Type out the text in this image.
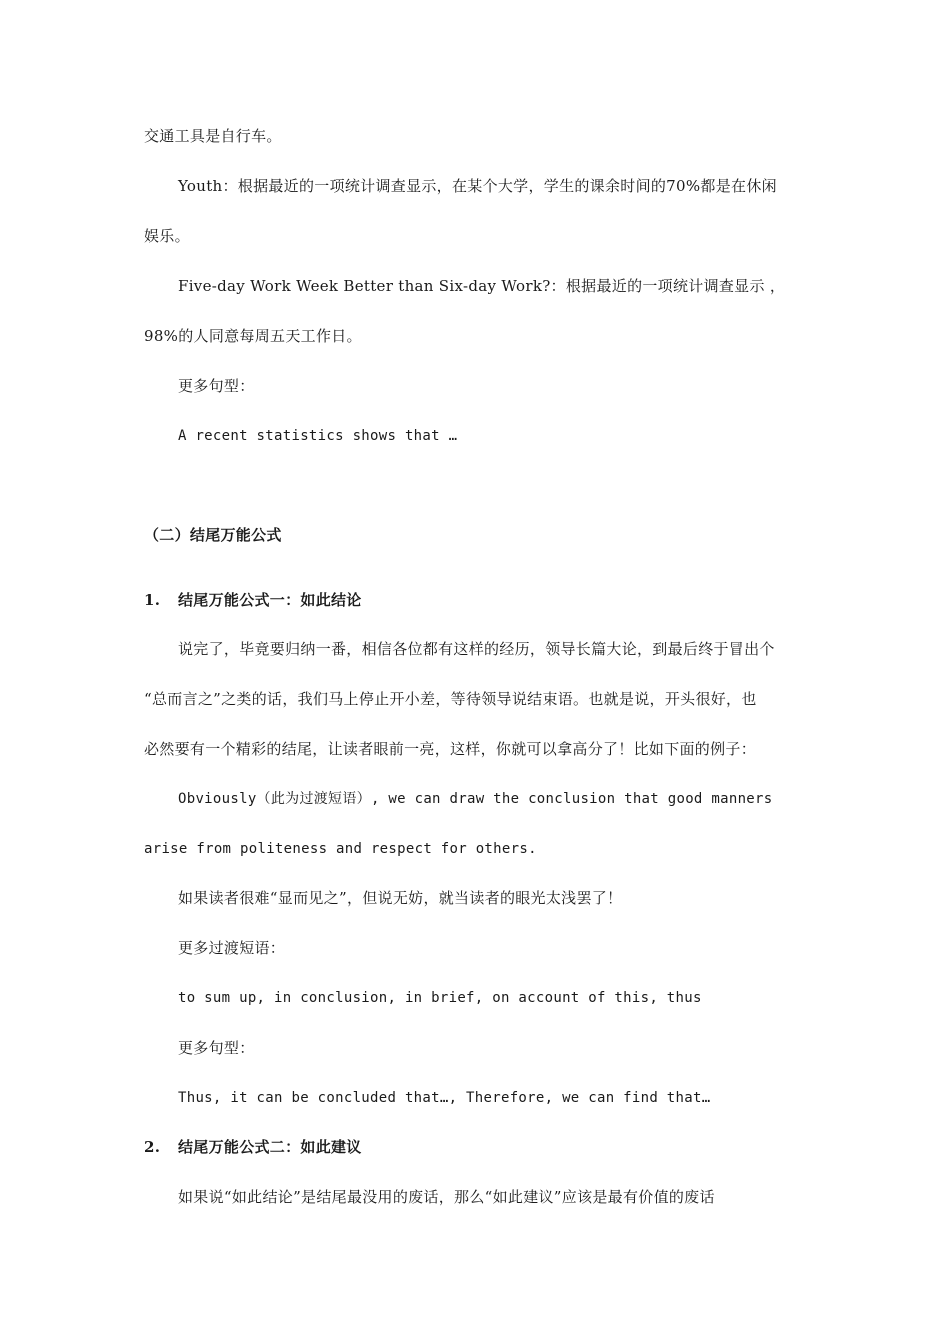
交通工具是自行车。
Youth：根据最近的一项统计调查显示，在某个大学，学生的课余时间的70%都是在休闲
娱乐。
Five-day Work Week Better than Six-day Work?：根据最近的一项统计调查显示 ，
98%的人同意每周五天工作日。
更多句型：
A recent statistics shows that …
（二）结尾万能公式
1. 结尾万能公式一：如此结论
说完了，毕竟要归纳一番，相信各位都有这样的经历，领导长篇大论，到最后终于冒出个
“总而言之”之类的话，我们马上停止开小差，等待领导说结束语。也就是说，开头很好，也
必然要有一个精彩的结尾，让读者眼前一亮，这样，你就可以拿高分了！比如下面的例子：
Obviously（此为过渡短语）, we can draw the conclusion that good manners
arise from politeness and respect for others.
如果读者很难“显而见之”，但说无妨，就当读者的眼光太浅罢了！
更多过渡短语：
to sum up, in conclusion, in brief, on account of this, thus
更多句型：
Thus, it can be concluded that…, Therefore, we can find that…
2. 结尾万能公式二：如此建议
如果说“如此结论”是结尾最没用的废话，那么“如此建议”应该是最有价值的废话
